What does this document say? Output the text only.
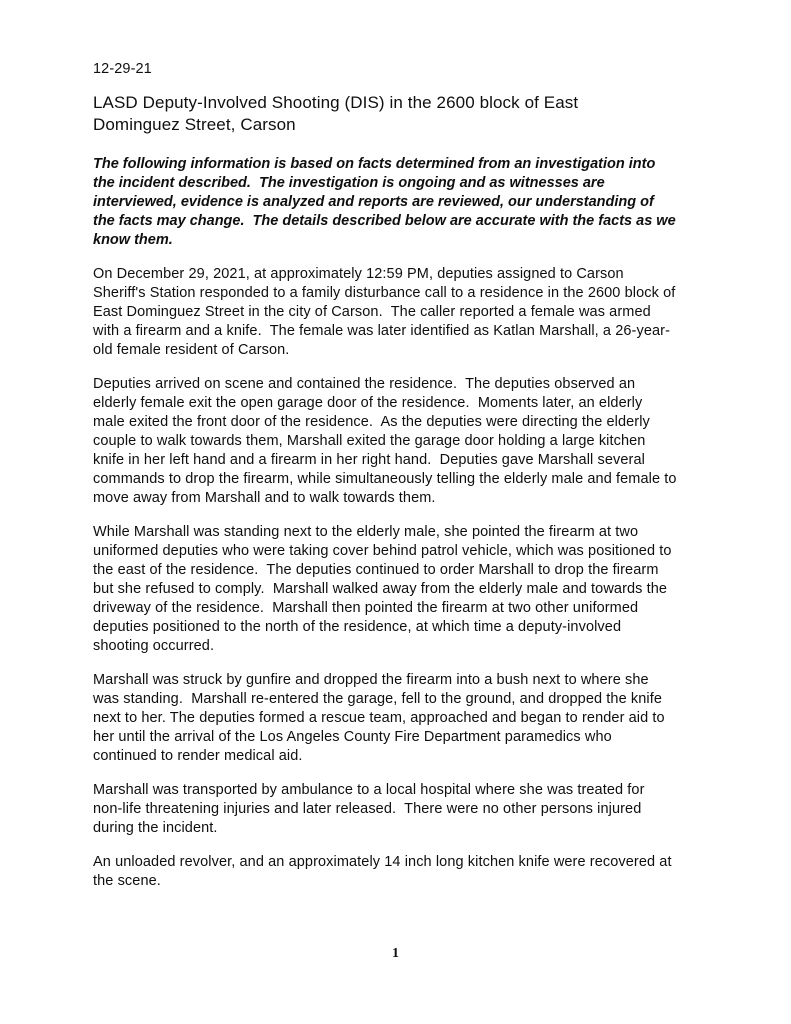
12-29-21
LASD Deputy-Involved Shooting (DIS) in the 2600 block of East Dominguez Street, Carson

The following information is based on facts determined from an investigation into the incident described.  The investigation is ongoing and as witnesses are interviewed, evidence is analyzed and reports are reviewed, our understanding of the facts may change.  The details described below are accurate with the facts as we know them.

On December 29, 2021, at approximately 12:59 PM, deputies assigned to Carson Sheriff's Station responded to a family disturbance call to a residence in the 2600 block of East Dominguez Street in the city of Carson.  The caller reported a female was armed with a firearm and a knife.  The female was later identified as Katlan Marshall, a 26-year-old female resident of Carson.

Deputies arrived on scene and contained the residence.  The deputies observed an elderly female exit the open garage door of the residence.  Moments later, an elderly male exited the front door of the residence.  As the deputies were directing the elderly couple to walk towards them, Marshall exited the garage door holding a large kitchen knife in her left hand and a firearm in her right hand.  Deputies gave Marshall several commands to drop the firearm, while simultaneously telling the elderly male and female to move away from Marshall and to walk towards them.

While Marshall was standing next to the elderly male, she pointed the firearm at two uniformed deputies who were taking cover behind patrol vehicle, which was positioned to the east of the residence.  The deputies continued to order Marshall to drop the firearm but she refused to comply.  Marshall walked away from the elderly male and towards the driveway of the residence.  Marshall then pointed the firearm at two other uniformed deputies positioned to the north of the residence, at which time a deputy-involved shooting occurred.

Marshall was struck by gunfire and dropped the firearm into a bush next to where she was standing.  Marshall re-entered the garage, fell to the ground, and dropped the knife next to her. The deputies formed a rescue team, approached and began to render aid to her until the arrival of the Los Angeles County Fire Department paramedics who continued to render medical aid.

Marshall was transported by ambulance to a local hospital where she was treated for non-life threatening injuries and later released.  There were no other persons injured during the incident.

An unloaded revolver, and an approximately 14 inch long kitchen knife were recovered at the scene.

1
